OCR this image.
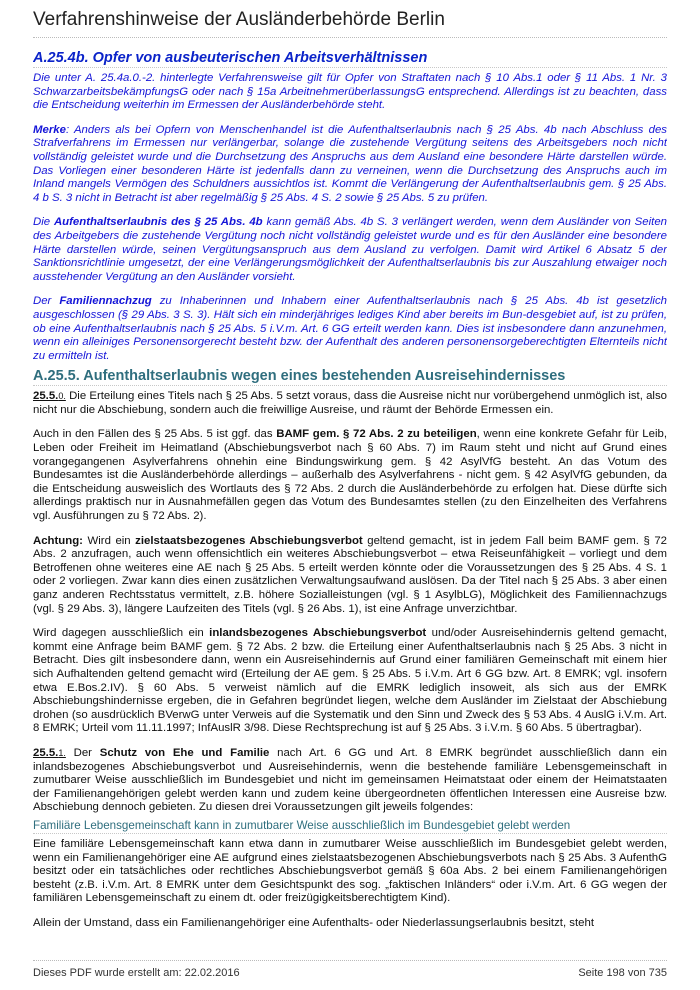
Verfahrenshinweise der Ausländerbehörde Berlin
A.25.4b. Opfer von ausbeuterischen Arbeitsverhältnissen

Die unter A. 25.4a.0.-2. hinterlegte Verfahrensweise gilt für Opfer von Straftaten nach § 10 Abs.1 oder § 11 Abs. 1 Nr. 3 SchwarzarbeitsbekämpfungsG oder nach § 15a ArbeitnehmerüberlassungsG entsprechend. Allerdings ist zu beachten, dass die Entscheidung weiterhin im Ermessen der Ausländerbehörde steht.

Merke: Anders als bei Opfern von Menschenhandel ist die Aufenthaltserlaubnis nach § 25 Abs. 4b nach Abschluss des Strafverfahrens im Ermessen nur verlängerbar, solange die zustehende Vergütung seitens des Arbeitsgebers noch nicht vollständig geleistet wurde und die Durchsetzung des Anspruchs aus dem Ausland eine besondere Härte darstellen würde. Das Vorliegen einer besonderen Härte ist jedenfalls dann zu verneinen, wenn die Durchsetzung des Anspruchs auch im Inland mangels Vermögen des Schuldners aussichtlos ist. Kommt die Verlängerung der Aufenthaltserlaubnis gem. § 25 Abs. 4 b S. 3 nicht in Betracht ist aber regelmäßig § 25 Abs. 4 S. 2 sowie § 25 Abs. 5 zu prüfen.

Die Aufenthaltserlaubnis des § 25 Abs. 4b kann gemäß Abs. 4b S. 3 verlängert werden, wenn dem Ausländer von Seiten des Arbeitgebers die zustehende Vergütung noch nicht vollständig geleistet wurde und es für den Ausländer eine besondere Härte darstellen würde, seinen Vergütungsanspruch aus dem Ausland zu verfolgen. Damit wird Artikel 6 Absatz 5 der Sanktionsrichtlinie umgesetzt, der eine Verlängerungsmöglichkeit der Aufenthaltserlaubnis bis zur Auszahlung etwaiger noch ausstehender Vergütung an den Ausländer vorsieht.

Der Familiennachzug zu Inhaberinnen und Inhabern einer Aufenthaltserlaubnis nach § 25 Abs. 4b ist gesetzlich ausgeschlossen (§ 29 Abs. 3 S. 3). Hält sich ein minderjähriges lediges Kind aber bereits im Bun-desgebiet auf, ist zu prüfen, ob eine Aufenthaltserlaubnis nach § 25 Abs. 5 i.V.m. Art. 6 GG erteilt werden kann. Dies ist insbesondere dann anzunehmen, wenn ein alleiniges Personensorgerecht besteht bzw. der Aufenthalt des anderen personensorgeberechtigten Elternteils nicht zu ermitteln ist.

A.25.5. Aufenthaltserlaubnis wegen eines bestehenden Ausreisehindernisses

25.5.0. Die Erteilung eines Titels nach § 25 Abs. 5 setzt voraus, dass die Ausreise nicht nur vorübergehend unmöglich ist, also nicht nur die Abschiebung, sondern auch die freiwillige Ausreise, und räumt der Behörde Ermessen ein.

Auch in den Fällen des § 25 Abs. 5 ist ggf. das BAMF gem. § 72 Abs. 2 zu beteiligen, wenn eine konkrete Gefahr für Leib, Leben oder Freiheit im Heimatland (Abschiebungsverbot nach § 60 Abs. 7) im Raum steht und nicht auf Grund eines vorangegangenen Asylverfahrens ohnehin eine Bindungswirkung gem. § 42 AsylVfG besteht. An das Votum des Bundesamtes ist die Ausländerbehörde allerdings – außerhalb des Asylverfahrens - nicht gem. § 42 AsylVfG gebunden, da die Entscheidung ausweislich des Wortlauts des § 72 Abs. 2 durch die Ausländerbehörde zu erfolgen hat. Diese dürfte sich allerdings praktisch nur in Ausnahmefällen gegen das Votum des Bundesamtes stellen (zu den Einzelheiten des Verfahrens vgl. Ausführungen zu § 72 Abs. 2).

Achtung: Wird ein zielstaatsbezogenes Abschiebungsverbot geltend gemacht, ist in jedem Fall beim BAMF gem. § 72 Abs. 2 anzufragen, auch wenn offensichtlich ein weiteres Abschiebungsverbot – etwa Reiseunfähigkeit – vorliegt und dem Betroffenen ohne weiteres eine AE nach § 25 Abs. 5 erteilt werden könnte oder die Voraussetzungen des § 25 Abs. 4 S. 1 oder 2 vorliegen. Zwar kann dies einen zusätzlichen Verwaltungsaufwand auslösen. Da der Titel nach § 25 Abs. 3 aber einen ganz anderen Rechtsstatus vermittelt, z.B. höhere Sozialleistungen (vgl. § 1 AsylbLG), Möglichkeit des Familiennachzugs (vgl. § 29 Abs. 3), längere Laufzeiten des Titels (vgl. § 26 Abs. 1), ist eine Anfrage unverzichtbar.

Wird dagegen ausschließlich ein inlandsbezogenes Abschiebungsverbot und/oder Ausreisehindernis geltend gemacht, kommt eine Anfrage beim BAMF gem. § 72 Abs. 2 bzw. die Erteilung einer Aufenthaltserlaubnis nach § 25 Abs. 3 nicht in Betracht. Dies gilt insbesondere dann, wenn ein Ausreisehindernis auf Grund einer familiären Gemeinschaft mit einem hier sich Aufhaltenden geltend gemacht wird (Erteilung der AE gem. § 25 Abs. 5 i.V.m. Art 6 GG bzw. Art. 8 EMRK; vgl. insofern etwa E.Bos.2.IV). § 60 Abs. 5 verweist nämlich auf die EMRK lediglich insoweit, als sich aus der EMRK Abschiebungshindernisse ergeben, die in Gefahren begründet liegen, welche dem Ausländer im Zielstaat der Abschiebung drohen (so ausdrücklich BVerwG unter Verweis auf die Systematik und den Sinn und Zweck des § 53 Abs. 4 AuslG i.V.m. Art. 8 EMRK; Urteil vom 11.11.1997; InfAuslR 3/98. Diese Rechtsprechung ist auf § 25 Abs. 3 i.V.m. § 60 Abs. 5 übertragbar).

25.5.1. Der Schutz von Ehe und Familie nach Art. 6 GG und Art. 8 EMRK begründet ausschließlich dann ein inlandsbezogenes Abschiebungsverbot und Ausreisehindernis, wenn die bestehende familiäre Lebensgemeinschaft in zumutbarer Weise ausschließlich im Bundesgebiet und nicht im gemeinsamen Heimatstaat oder einem der Heimatstaaten der Familienangehörigen gelebt werden kann und zudem keine übergeordneten öffentlichen Interessen eine Ausreise bzw. Abschiebung dennoch gebieten. Zu diesen drei Voraussetzungen gilt jeweils folgendes:

Familiäre Lebensgemeinschaft kann in zumutbarer Weise ausschließlich im Bundesgebiet gelebt werden

Eine familiäre Lebensgemeinschaft kann etwa dann in zumutbarer Weise ausschließlich im Bundesgebiet gelebt werden, wenn ein Familienangehöriger eine AE aufgrund eines zielstaatsbezogenen Abschiebungsverbots nach § 25 Abs. 3 AufenthG besitzt oder ein tatsächliches oder rechtliches Abschiebungsverbot gemäß § 60a Abs. 2 bei einem Familienangehörigen besteht (z.B. i.V.m. Art. 8 EMRK unter dem Gesichtspunkt des sog. „faktischen Inländers“ oder i.V.m. Art. 6 GG wegen der familiären Lebensgemeinschaft zu einem dt. oder freizügigkeitsberechtigtem Kind).

Allein der Umstand, dass ein Familienangehöriger eine Aufenthalts- oder Niederlassungserlaubnis besitzt, steht

Dieses PDF wurde erstellt am: 22.02.2016	Seite 198 von 735
